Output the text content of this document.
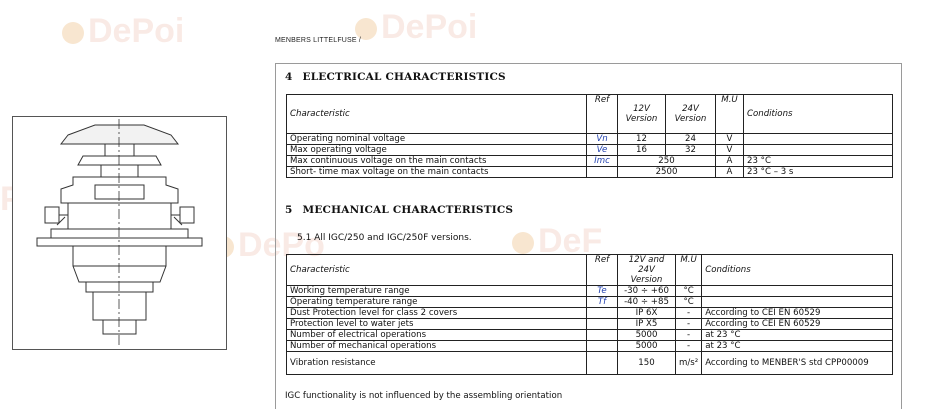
DePoi	DePoi
DePo	DeF
MENBERS LITTELFUSE /
4 ELECTRICAL CHARACTERISTICS
Characteristic	Ref	12V Version	24V Version	M.U	Conditions
Operating nominal voltage	Vn	12	24	V	
Max operating voltage	Ve	16	32	V	
Max continuous voltage on the main contacts	Imc	250		A	23 °C
Short- time max voltage on the main contacts		2500		A	23 °C – 3 s
5 MECHANICAL CHARACTERISTICS
5.1 All IGC/250 and IGC/250F versions.
Characteristic	Ref	12V and 24V Version	M.U	Conditions
Working temperature range	Te	-30 ÷ +60	°C	
Operating temperature range	Tf	-40 ÷ +85	°C	
Dust Protection level for class 2 covers		IP 6X	-	According to CEI EN 60529
Protection level to water jets		IP X5	-	According to CEI EN 60529
Number of electrical operations		5000	-	at 23 °C
Number of mechanical operations		5000	-	at 23 °C
Vibration resistance		150	m/s²	According to MENBER'S std CPP00009
IGC functionality is not influenced by the assembling orientation
